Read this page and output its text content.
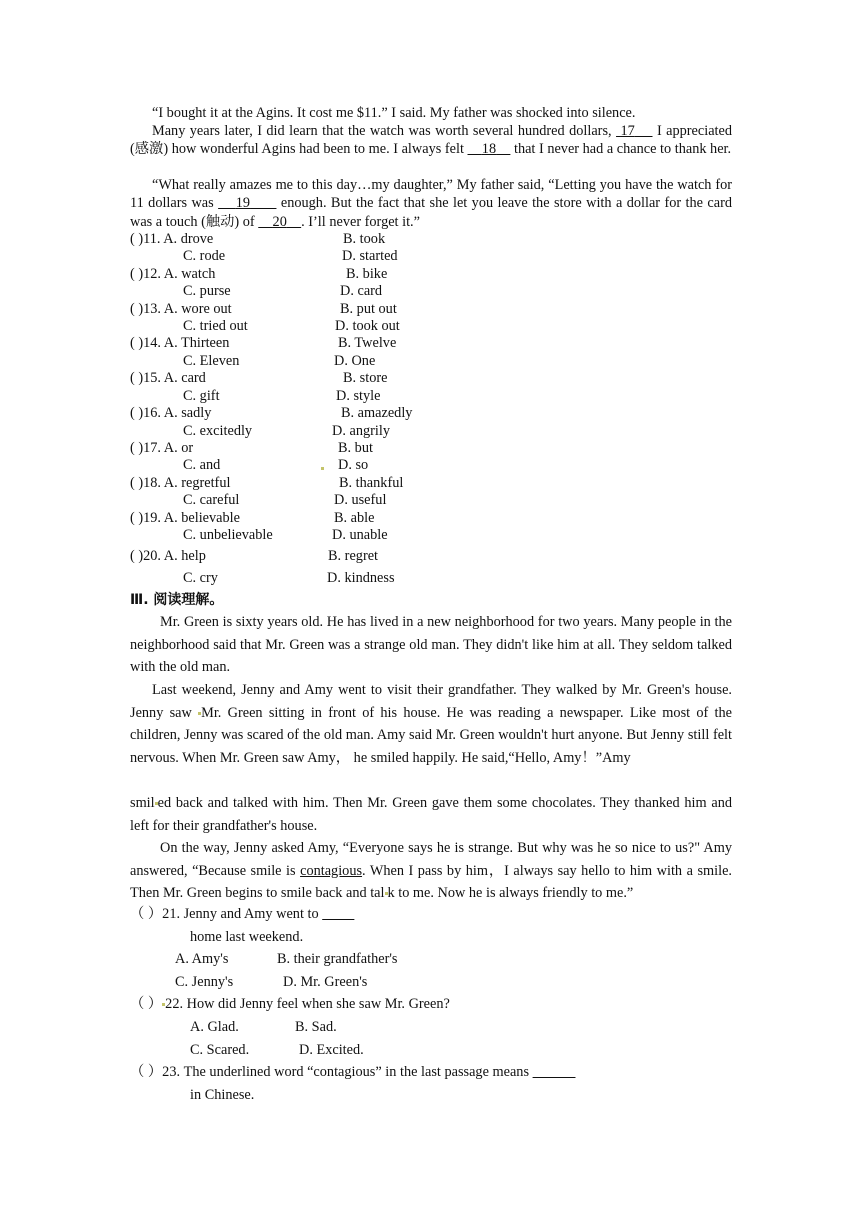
“I bought it at the Agins. It cost me $11.” I said. My father was shocked into silence.
Many years later, I did learn that the watch was worth several hundred dollars, 17 I appreciated (感激) how wonderful Agins had been to me. I always felt 18 that I never had a chance to thank her.
“What really amazes me to this day…my daughter,” My father said, “Letting you have the watch for 11 dollars was 19 enough. But the fact that she let you leave the store with a dollar for the card was a touch (触动) of 20 . I’ll never forget it.”
( )11. A. drove	B. took
C. rode	D. started
( )12. A. watch	B. bike
C. purse	D. card
( )13. A. wore out	B. put out
C. tried out	D. took out
( )14. A. Thirteen	B. Twelve
C. Eleven	D. One
( )15. A. card	B. store
C. gift	D. style
( )16. A. sadly	B. amazedly
C. excitedly	D. angrily
( )17. A. or	B. but
C. and	D. so
( )18. A. regretful	B. thankful
C. careful	D. useful
( )19. A. believable	B. able
C. unbelievable	D. unable
( )20. A. help	B. regret
C. cry	D. kindness
Ⅲ. 阅读理解。
Mr. Green is sixty years old. He has lived in a new neighborhood for two years. Many people in the neighborhood said that Mr. Green was a strange old man. They didn't like him at all. They seldom talked with the old man.
Last weekend, Jenny and Amy went to visit their grandfather. They walked by Mr. Green's house. Jenny saw Mr. Green sitting in front of his house. He was reading a newspaper. Like most of the children, Jenny was scared of the old man. Amy said Mr. Green wouldn't hurt anyone. But Jenny still felt nervous. When Mr. Green saw Amy， he smiled happily. He said,“Hello, Amy！”Amy
smil ed back and talked with him. Then Mr. Green gave them some chocolates. They thanked him and left for their grandfather's house.
On the way, Jenny asked Amy, “Everyone says he is strange. But why was he so nice to us?" Amy answered, “Because smile is contagious. When I pass by him，I always say hello to him with a smile. Then Mr. Green begins to smile back and tal k to me. Now he is always friendly to me.”
（ ）21. Jenny and Amy went to
home last weekend.
A. Amy's	B. their grandfather's
C. Jenny's	D. Mr. Green's
（ ） 22. How did Jenny feel when she saw Mr. Green?
A. Glad.	B. Sad.
C. Scared.	D. Excited.
（ ）23. The underlined word “contagious” in the last passage means
in Chinese.
